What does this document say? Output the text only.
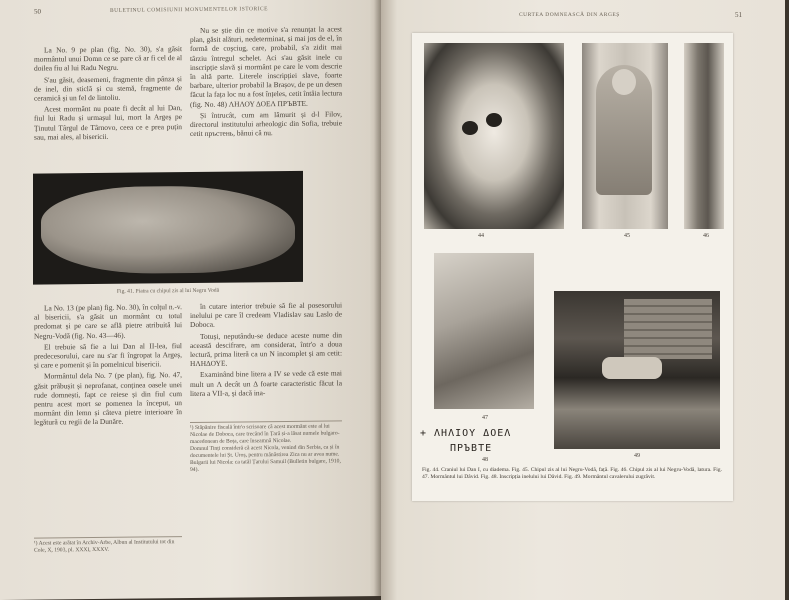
50	BULETINUL COMISIUNII MONUMENTELOR ISTORICE

La No. 9 pe plan (fig. No. 30), s'a găsit mormântul unui Domn ce se pare că ar fi cel de al doilea fiu al lui Radu Negru.

S'au găsit, deasemeni, fragmente din pânza și de inel, din sticlă și cu stemă, fragmente de ceramică și un fel de lintoliu.

Acest mormânt nu poate fi decât al lui Dan, fiul lui Radu și urmașul lui, mort la Argeș pe Ținutul Târgul de Târnovo, ceea ce e prea puțin sau, mai ales, al bisericii.

Nu se știe din ce motive s'a renunțat la acest plan, găsit alături, nedeterminat, și mai jos de el, în formă de coșciug, care, probabil, s'a zidit mai târziu întregul schelet. Aci s'au găsit inele cu inscripție slavă și mormânt pe care le vom descrie în altă parte. Literele inscripției slave, foarte barbare, ulterior probabil la Brașov, de pe un desen făcut la fața loc nu a fost înțeles, cetit întâia lectura (fig. No. 48) ΛΗΛΟΥ ΔΟΕΛ ПРЪВТЕ.

Și întrucât, cum am lămurit și d-l Filov, directorul institutului arheologic din Sofia, trebuie cetit пръстень, bănui că nu.

Fig. 41. Piatra cu chipul zis al lui Negru Vodă

La No. 13 (pe plan) fig. No. 30), în colțul n.-v. al bisericii, s'a găsit un mormânt cu totul predomat și pe care se află pietre atribuită lui Negru-Vodă (fig. No. 43—46).

El trebuie să fie a lui Dan al II-lea, fiul predecesorului, care nu s'ar fi îngropat la Argeș, și care e pomenit și în pomelnicul bisericii.

Mormântul dela No. 7 (pe plan), fig. No. 47, găsit prăbușit și neprofanat, conținea oasele unei rude domnești, fapt ce reiese și din fiul cum pentru acest mort se pomenea la început, un mormânt din lemn și câteva pietre interioare în legătură cu regii de la Dunăre.

¹) Acest este arătat în Archiv-Arbe, Albun al Institutului tot din Cole, X, 1903, pl. XXXI, XXXV.

în cutare interior trebuie să fie al posesorului inelului pe care îl credeam Vladislav sau Laslo de Doboca.

Totuși, neputându-se deduce aceste nume din această descifrare, am considerat, într'o a doua lectură, prima literă ca un N incomplet și am cetit: ΗΛΗΔΟΥΕ.

Examinând bine litera a IV se vede că este mai mult un Λ decât un Δ foarte caracteristic făcut la litera a VII-a, și dacă ina-

¹) Stăpânire fiscală într'o scrisoare că acest mormânt este al lui Nicolae de Doboca, care trecând în Țară și-a lăsat numele bulgaro-macedonean de Boța, care înseamnă Nicolae.
Domnul Tinți consideră că acest Nicola, venind din Serbia, ca și în documentele lui Șt. Uroș, pentru mânăstirea Zica nu ar avea nume.
Bulgarii lui Nicola: ca tatăl Țarului Samuil (Bulletin bulgare, 1910, 94).
CURTEA DOMNEASCĂ DIN ARGEȘ	51
44	45	46
47
49
+ ΛΗΛΙΟΥ ΔΟΕΛ
ПРЪВТЕ
48
Fig. 44. Craniul lui Dan I, cu diadema. Fig. 45. Chipul zis al lui Negru-Vodă, față. Fig. 46. Chipul zis al lui Negru-Vodă, latura. Fig. 47. Mormântul lui Dâvid. Fig. 48. Inscripția inelului lui Dâvid. Fig. 49. Mormântul cavalerului zugrăvit.
